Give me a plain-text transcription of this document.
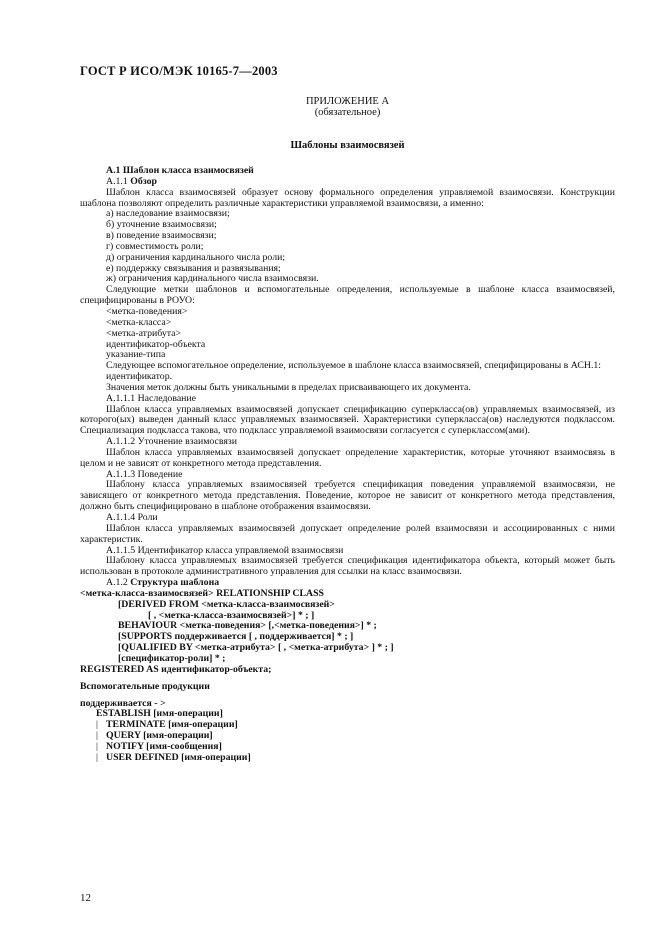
ГОСТ Р ИСО/МЭК 10165-7—2003
ПРИЛОЖЕНИЕ А
(обязательное)
Шаблоны взаимосвязей

А.1 Шаблон класса взаимосвязей

А.1.1 Обзор

Шаблон класса взаимосвязей образует основу формального определения управляемой взаимосвязи. Конструкции шаблона позволяют определить различные характеристики управляемой взаимосвязи, а именно:

а) наследование взаимосвязи;

б) уточнение взаимосвязи;

в) поведение взаимосвязи;

г) совместимость роли;

д) ограничения кардинального числа роли;

е) поддержку связывания и развязывания;

ж) ограничения кардинального числа взаимосвязи.

Следующие метки шаблонов и вспомогательные определения, используемые в шаблоне класса взаимосвязей, специфицированы в РОУО:

<метка-поведения>

<метка-класса>

<метка-атрибута>

идентификатор-объекта

указание-типа

Следующее вспомогательное определение, используемое в шаблоне класса взаимосвязей, специфицированы в АСН.1:

идентификатор.

Значения меток должны быть уникальными в пределах присваивающего их документа.

А.1.1.1 Наследование

Шаблон класса управляемых взаимосвязей допускает спецификацию суперкласса(ов) управляемых взаимосвязей, из которого(ых) выведен данный класс управляемых взаимосвязей. Характеристики суперкласса(ов) наследуются подклассом. Специализация подкласса такова, что подкласс управляемой взаимосвязи согласуется с суперклассом(ами).

А.1.1.2 Уточнение взаимосвязи

Шаблон класса управляемых взаимосвязей допускает определение характеристик, которые уточняют взаимосвязь в целом и не зависят от конкретного метода представления.

А.1.1.3 Поведение

Шаблону класса управляемых взаимосвязей требуется спецификация поведения управляемой взаимосвязи, не зависящего от конкретного метода представления. Поведение, которое не зависит от конкретного метода представления, должно быть специфицировано в шаблоне отображения взаимосвязи.

А.1.1.4 Роли

Шаблон класса управляемых взаимосвязей допускает определение ролей взаимосвязи и ассоциированных с ними характеристик.

А.1.1.5 Идентификатор класса управляемой взаимосвязи

Шаблону класса управляемых взаимосвязей требуется спецификация идентификатора объекта, который может быть использован в протоколе административного управления для ссылки на класс взаимосвязи.

А.1.2 Структура шаблона

<метка-класса-взаимосвязей> RELATIONSHIP CLASS

[DERIVED FROM <метка-класса-взаимосвязей>

[ , <метка-класса-взаимосвязей>] * ; ]

BEHAVIOUR <метка-поведения> [,<метка-поведения>] * ;

[SUPPORTS поддерживается [ , поддерживается] * ; ]

[QUALIFIED BY <метка-атрибута> [ , <метка-атрибута> ] * ; ]

[спецификатор-роли] * ;

REGISTERED AS идентификатор-объекта;

Вспомогательные продукции

поддерживается - >

ESTABLISH [имя-операции]

| TERMINATE [имя-операции]

| QUERY [имя-операции]

| NOTIFY [имя-сообщения]

| USER DEFINED [имя-операции]

12
